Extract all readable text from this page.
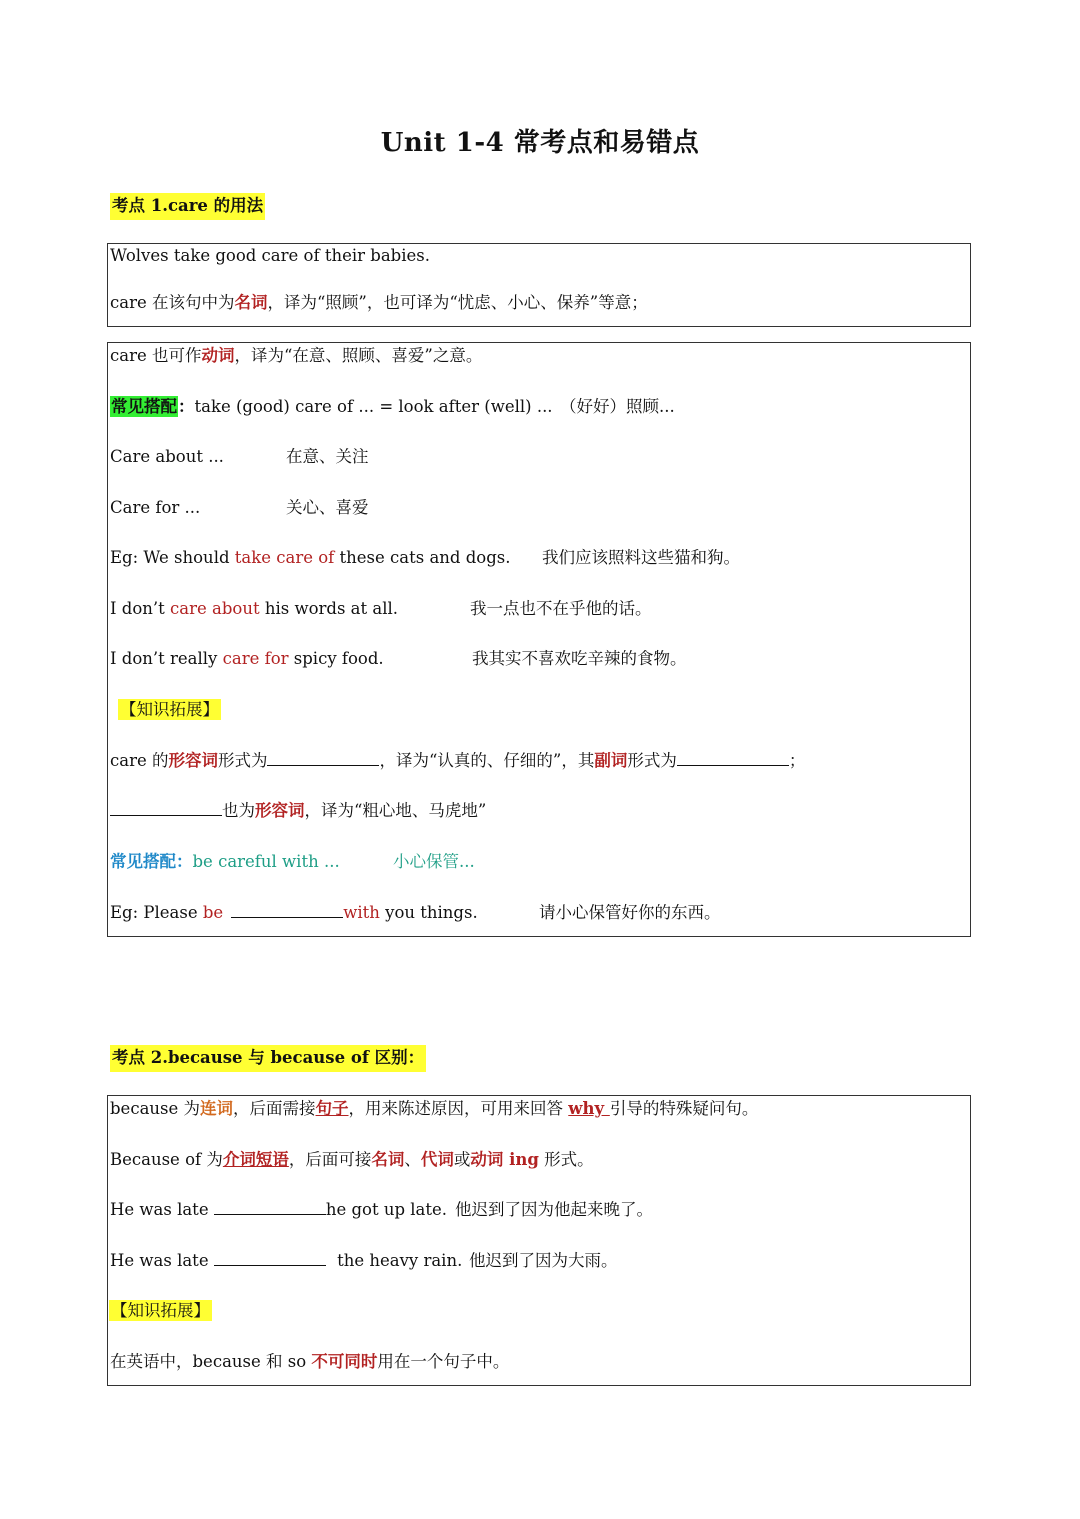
Unit 1-4 常考点和易错点
考点 1.care 的用法
Wolves take good care of their babies.
care 在该句中为名词，译为“照顾”，也可译为“忧虑、小心、保养”等意；
care 也可作动词，译为“在意、照顾、喜爱”之意。
常见搭配：take (good) care of ... = look after (well) ... （好好）照顾...
Care about ...	在意、关注
Care for ...	关心、喜爱
Eg: We should take care of these cats and dogs. 我们应该照料这些猫和狗。
I don’t care about his words at all.	我一点也不在乎他的话。
I don’t really care for spicy food.	我其实不喜欢吃辛辣的食物。
【知识拓展】
care 的形容词形式为	，译为“认真的、仔细的”，其副词形式为	；
也为形容词，译为“粗心地、马虎地”
常见搭配：be careful with ...	小心保管...
Eg: Please be	with you things.	请小心保管好你的东西。
考点 2.because 与 because of 区别：
because 为连词，后面需接句子，用来陈述原因，可用来回答 why 引导的特殊疑问句。
Because of 为介词短语，后面可接名词、代词或动词 ing 形式。
He was late	he got up late. 他迟到了因为他起来晚了。
He was late	the heavy rain. 他迟到了因为大雨。
【知识拓展】
在英语中，because 和 so 不可同时用在一个句子中。
